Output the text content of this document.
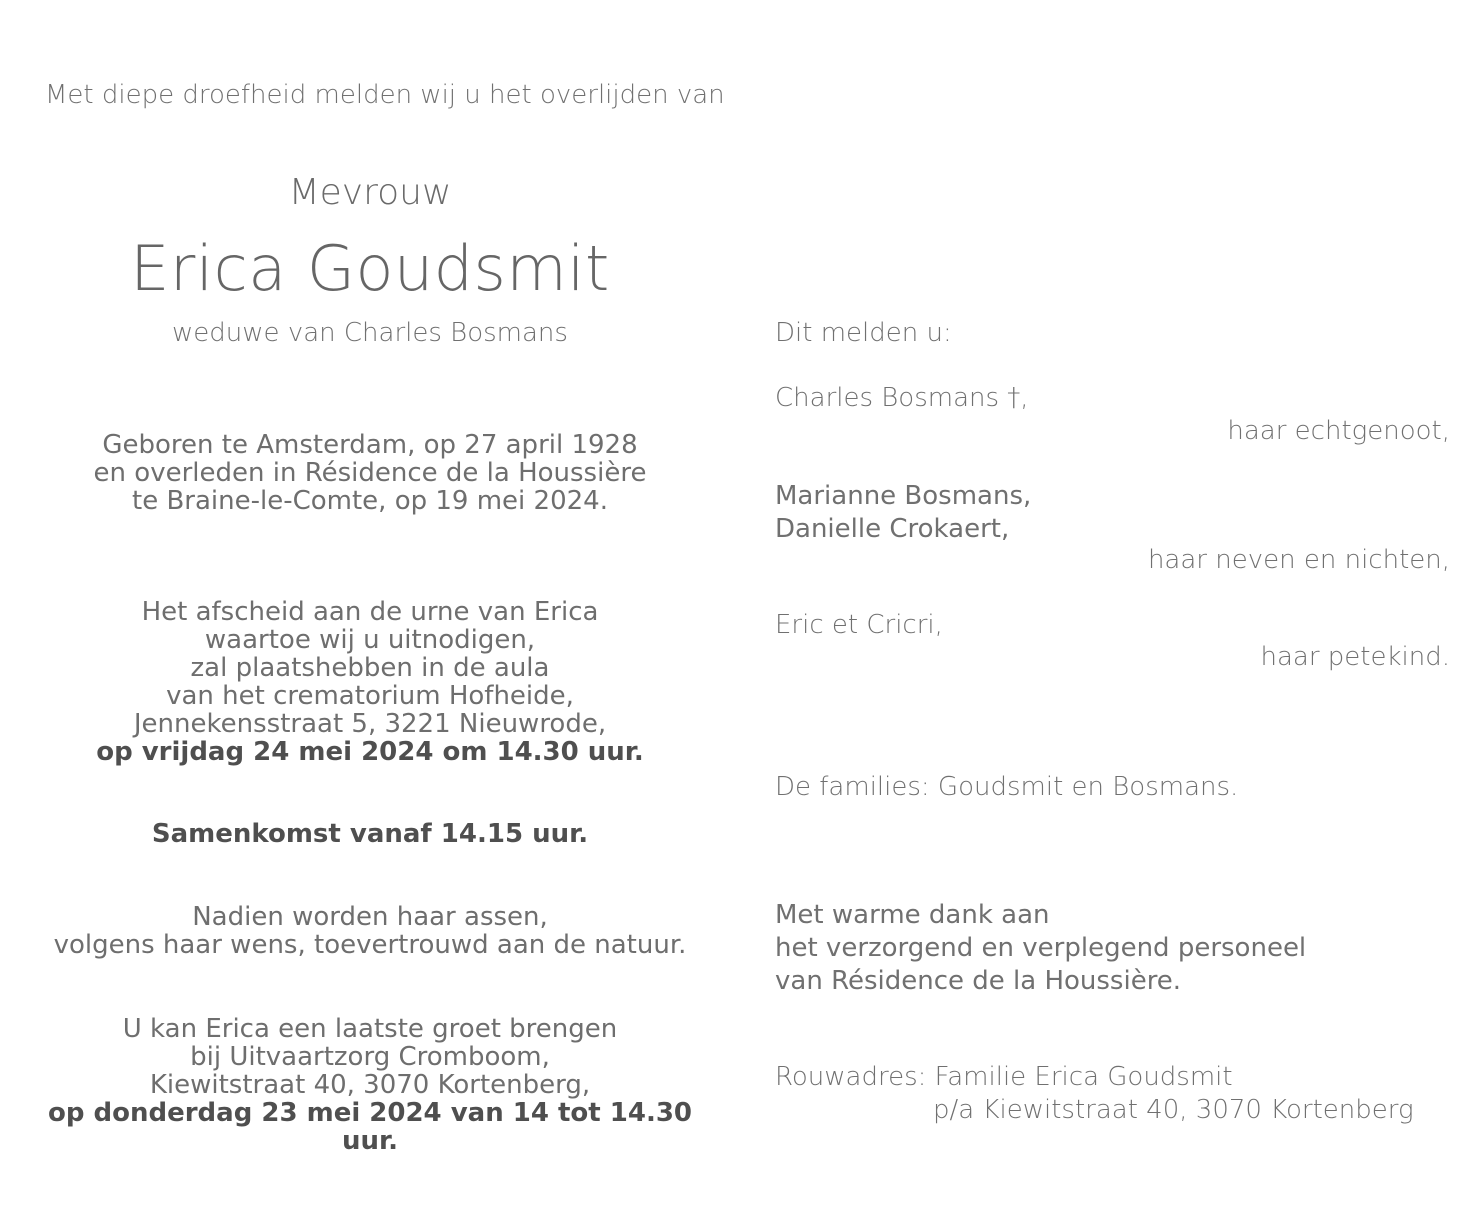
Met diepe droefheid melden wij u het overlijden van
Mevrouw
Erica Goudsmit
weduwe van Charles Bosmans
Geboren te Amsterdam, op 27 april 1928
en overleden in Résidence de la Houssière
te Braine-le-Comte, op 19 mei 2024.
Het afscheid aan de urne van Erica
waartoe wij u uitnodigen,
zal plaatshebben in de aula
van het crematorium Hofheide,
Jennekensstraat 5, 3221 Nieuwrode,
op vrijdag 24 mei 2024 om 14.30 uur.
Samenkomst vanaf 14.15 uur.
Nadien worden haar assen,
volgens haar wens, toevertrouwd aan de natuur.
U kan Erica een laatste groet brengen
bij Uitvaartzorg Cromboom,
Kiewitstraat 40, 3070 Kortenberg,
op donderdag 23 mei 2024 van 14 tot 14.30 uur.
Dit melden u:
Charles Bosmans †,
haar echtgenoot,
Marianne Bosmans,
Danielle Crokaert,
haar neven en nichten,
Eric et Cricri,
haar petekind.
De families: Goudsmit en Bosmans.
Met warme dank aan
het verzorgend en verplegend personeel
van Résidence de la Houssière.
Rouwadres: Familie Erica Goudsmit
p/a Kiewitstraat 40, 3070 Kortenberg
